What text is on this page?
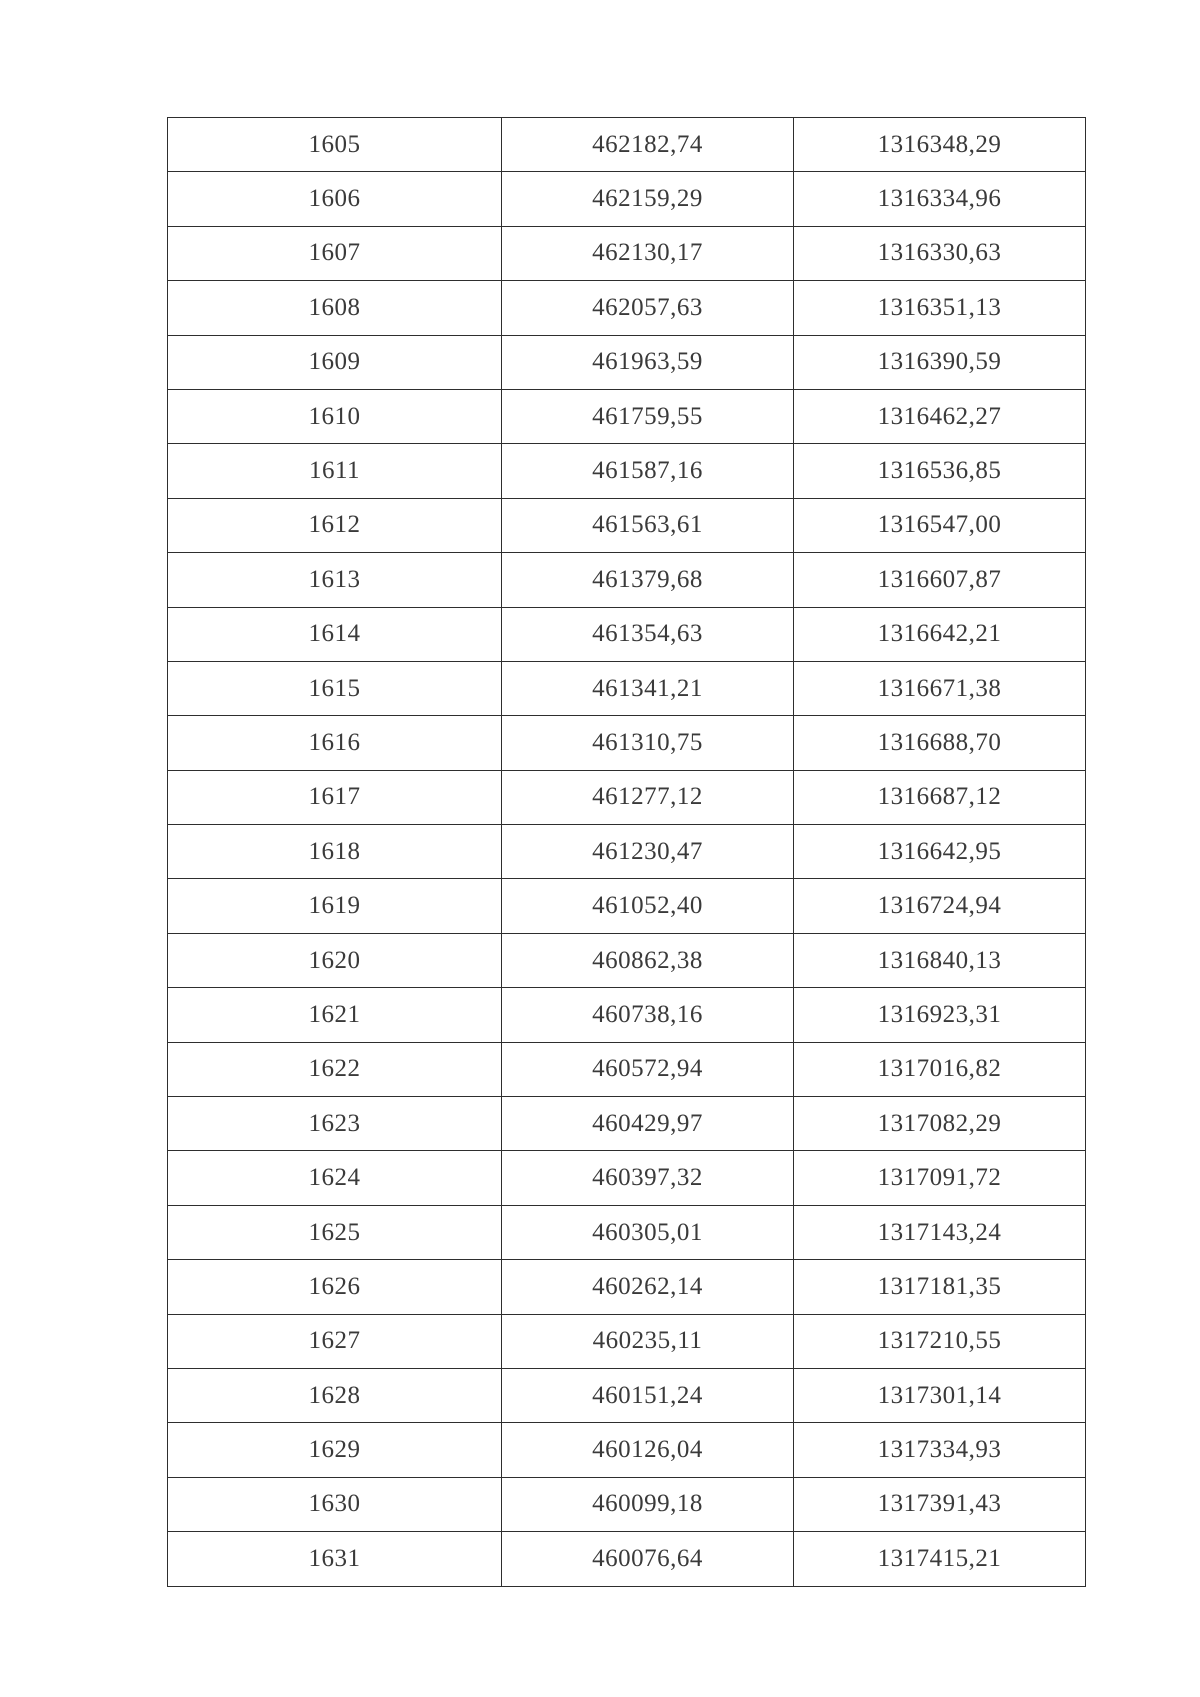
1605	462182,74	1316348,29
1606	462159,29	1316334,96
1607	462130,17	1316330,63
1608	462057,63	1316351,13
1609	461963,59	1316390,59
1610	461759,55	1316462,27
1611	461587,16	1316536,85
1612	461563,61	1316547,00
1613	461379,68	1316607,87
1614	461354,63	1316642,21
1615	461341,21	1316671,38
1616	461310,75	1316688,70
1617	461277,12	1316687,12
1618	461230,47	1316642,95
1619	461052,40	1316724,94
1620	460862,38	1316840,13
1621	460738,16	1316923,31
1622	460572,94	1317016,82
1623	460429,97	1317082,29
1624	460397,32	1317091,72
1625	460305,01	1317143,24
1626	460262,14	1317181,35
1627	460235,11	1317210,55
1628	460151,24	1317301,14
1629	460126,04	1317334,93
1630	460099,18	1317391,43
1631	460076,64	1317415,21
